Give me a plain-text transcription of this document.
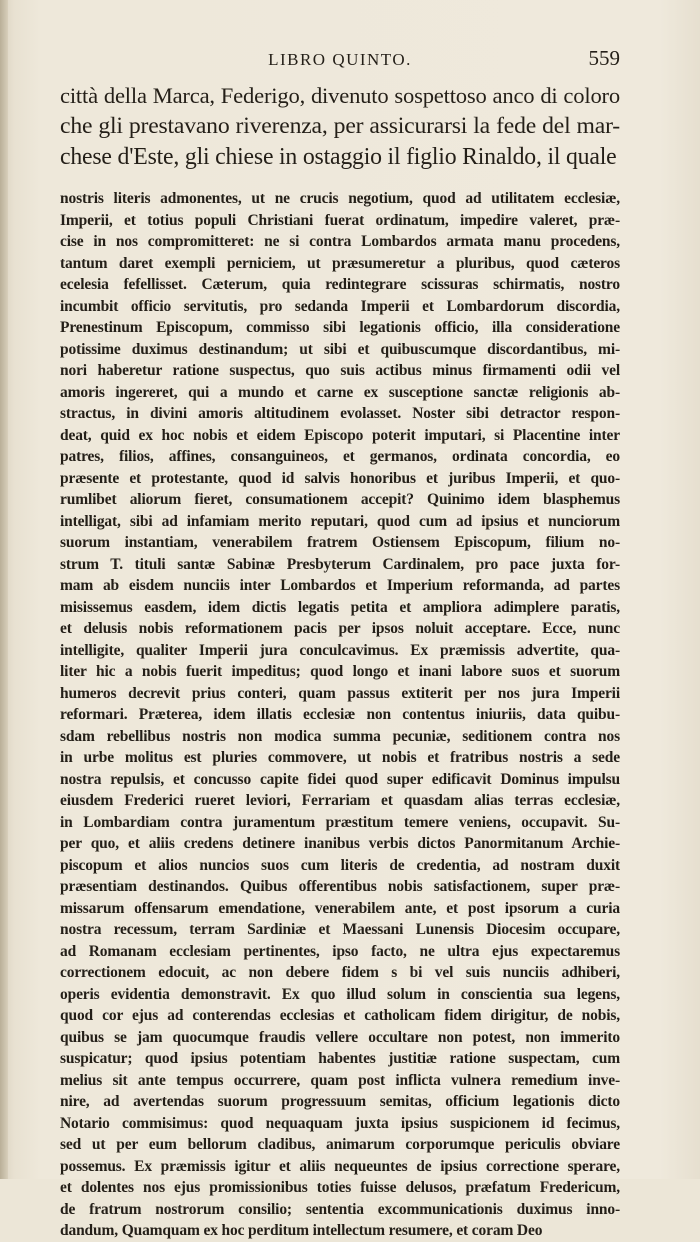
LIBRO QUINTO.	559
città della Marca, Federigo, divenuto sospettoso anco di coloro
che gli prestavano riverenza, per assicurarsi la fede del mar-
chese d'Este, gli chiese in ostaggio il figlio Rinaldo, il quale
nostris literis admonentes, ut ne crucis negotium, quod ad utilitatem ecclesiæ,
Imperii, et totius populi Christiani fuerat ordinatum, impedire valeret, præ-
cise in nos compromitteret: ne si contra Lombardos armata manu procedens,
tantum daret exempli perniciem, ut præsumeretur a pluribus, quod cæteros
ecelesia fefellisset. Cæterum, quia redintegrare scissuras schirmatis, nostro
incumbit officio servitutis, pro sedanda Imperii et Lombardorum discordia,
Prenestinum Episcopum, commisso sibi legationis officio, illa consideratione
potissime duximus destinandum; ut sibi et quibuscumque discordantibus, mi-
nori haberetur ratione suspectus, quo suis actibus minus firmamenti odii vel
amoris ingereret, qui a mundo et carne ex susceptione sanctæ religionis ab-
stractus, in divini amoris altitudinem evolasset. Noster sibi detractor respon-
deat, quid ex hoc nobis et eidem Episcopo poterit imputari, si Placentine inter
patres, filios, affines, consanguineos, et germanos, ordinata concordia, eo
præsente et protestante, quod id salvis honoribus et juribus Imperii, et quo-
rumlibet aliorum fieret, consumationem accepit? Quinimo idem blasphemus
intelligat, sibi ad infamiam merito reputari, quod cum ad ipsius et nunciorum
suorum instantiam, venerabilem fratrem Ostiensem Episcopum, filium no-
strum T. tituli santæ Sabinæ Presbyterum Cardinalem, pro pace juxta for-
mam ab eisdem nunciis inter Lombardos et Imperium reformanda, ad partes
misissemus easdem, idem dictis legatis petita et ampliora adimplere paratis,
et delusis nobis reformationem pacis per ipsos noluit acceptare. Ecce, nunc
intelligite, qualiter Imperii jura conculcavimus. Ex præmissis advertite, qua-
liter hic a nobis fuerit impeditus; quod longo et inani labore suos et suorum
humeros decrevit prius conteri, quam passus extiterit per nos jura Imperii
reformari. Præterea, idem illatis ecclesiæ non contentus iniuriis, data quibu-
sdam rebellibus nostris non modica summa pecuniæ, seditionem contra nos
in urbe molitus est pluries commovere, ut nobis et fratribus nostris a sede
nostra repulsis, et concusso capite fidei quod super edificavit Dominus impulsu
eiusdem Frederici rueret leviori, Ferrariam et quasdam alias terras ecclesiæ,
in Lombardiam contra juramentum præstitum temere veniens, occupavit. Su-
per quo, et aliis credens detinere inanibus verbis dictos Panormitanum Archie-
piscopum et alios nuncios suos cum literis de credentia, ad nostram duxit
præsentiam destinandos. Quibus offerentibus nobis satisfactionem, super præ-
missarum offensarum emendatione, venerabilem ante, et post ipsorum a curia
nostra recessum, terram Sardiniæ et Maessani Lunensis Diocesim occupare,
ad Romanam ecclesiam pertinentes, ipso facto, ne ultra ejus expectaremus
correctionem edocuit, ac non debere fidem s bi vel suis nunciis adhiberi,
operis evidentia demonstravit. Ex quo illud solum in conscientia sua legens,
quod cor ejus ad conterendas ecclesias et catholicam fidem dirigitur, de nobis,
quibus se jam quocumque fraudis vellere occultare non potest, non immerito
suspicatur; quod ipsius potentiam habentes justitiæ ratione suspectam, cum
melius sit ante tempus occurrere, quam post inflicta vulnera remedium inve-
nire, ad avertendas suorum progressuum semitas, officium legationis dicto
Notario commisimus: quod nequaquam juxta ipsius suspicionem id fecimus,
sed ut per eum bellorum cladibus, animarum corporumque periculis obviare
possemus. Ex præmissis igitur et aliis nequeuntes de ipsius correctione sperare,
et dolentes nos ejus promissionibus toties fuisse delusos, præfatum Fredericum,
de fratrum nostrorum consilio; sententia excommunicationis duximus inno-
dandum, Quamquam ex hoc perditum intellectum resumere, et coram Deo
